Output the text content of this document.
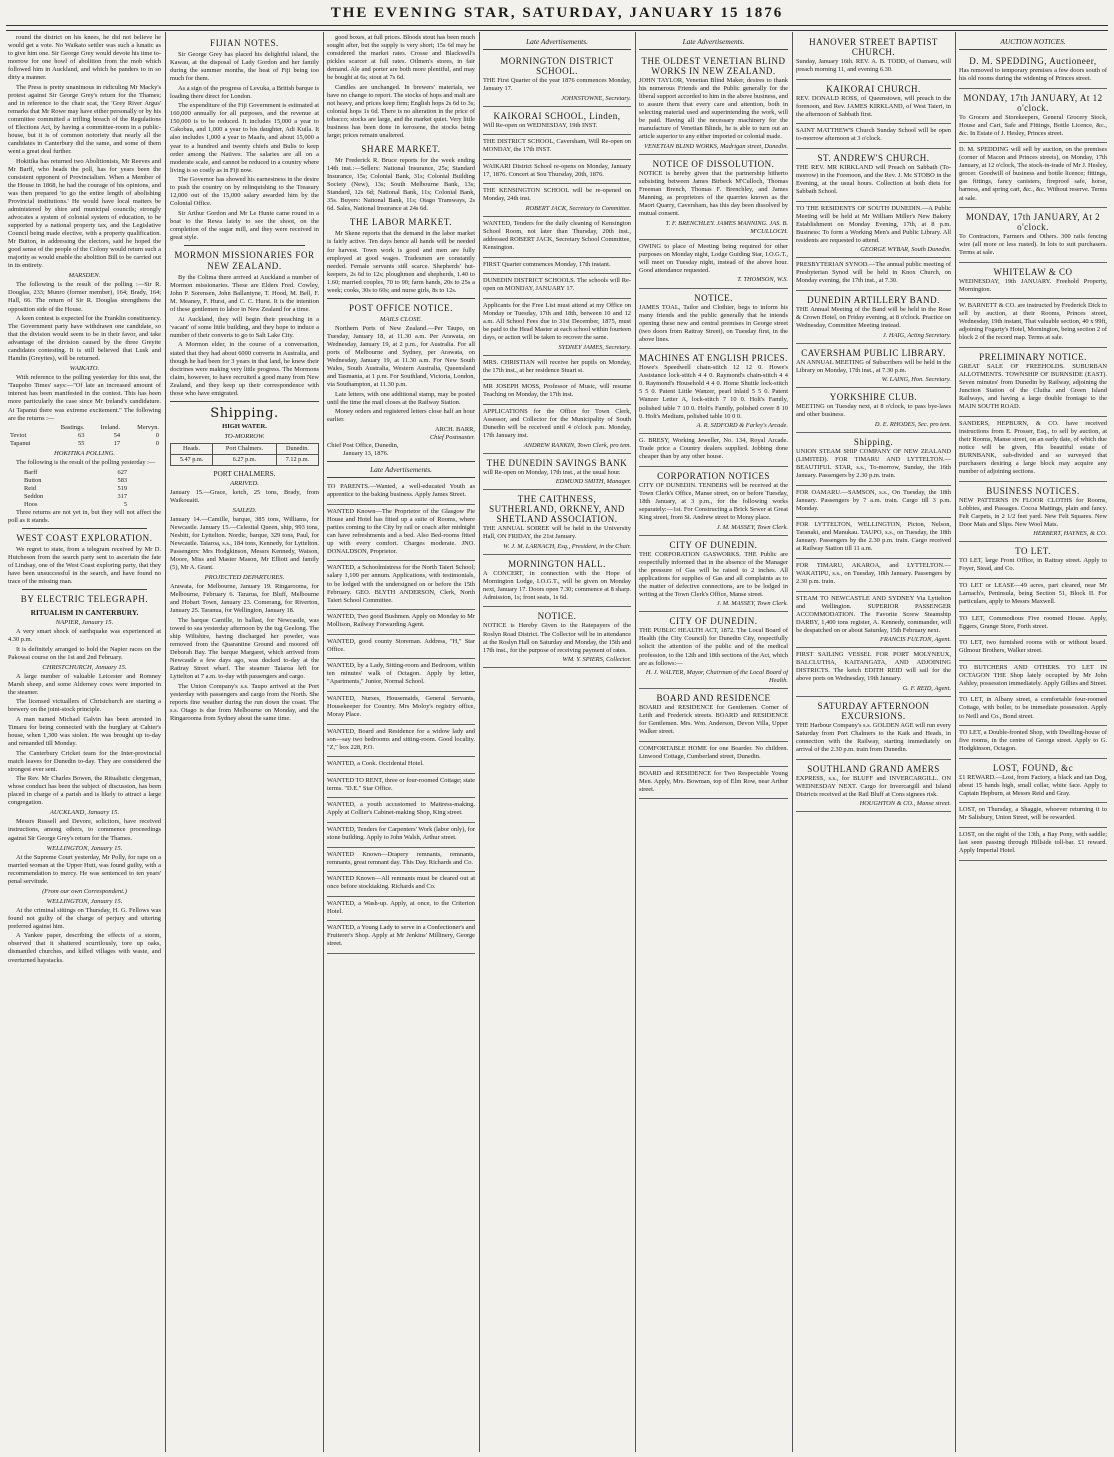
THE EVENING STAR, SATURDAY, JANUARY 15 1876

round the district on his knees, he did not believe he would get a vote. No Waikato settler was such a lunatic as to give him one. Sir George Grey would devote his time to-morrow for one howl of abolition from the mob which followed him in Auckland, and which he panders to in so dirty a manner.

The Press is pretty unanimous in ridiculing Mr Macky's protest against Sir George Grey's return for the Thames; and in reference to the chair scat, the 'Grey River Argus' remarks that Mr Rowe may have either personally or by his committee committed a trifling breach of the Regulations of Elections Act, by having a committee-room in a public-house, but it is of common notoriety that nearly all the candidates in Canterbury did the same, and some of them went a great deal further.

Hokitika has returned two Abolitionists, Mr Reeves and Mr Barff, who heads the poll, has for years been the consistent opponent of Provincialism. When a Member of the House in 1868, he had the courage of his opinions, and was then prepared 'to go the entire length of abolishing Provincial institutions.' He would have local matters be administered by shire and municipal councils; strongly advocates a system of colonial system of education, to be supported by a national property tax, and the Legislative Council being made elective, with a property qualification. Mr Button, in addressing the electors, said he hoped the good sense of the people of the Colony would return such a majority as would enable the abolition Bill to be carried out in its entirety.

MARSDEN.

The following is the result of the polling :—Sir R. Douglas, 233; Munro (former member), 164; Brady, 164; Hall, 66. The return of Sir R. Douglas strengthens the opposition side of the House.

A keen contest is expected for the Franklin constituency. The Government party have withdrawn one candidate, so that the division would seem to be in their favor, and take advantage of the division caused by the three Greyite candidates contesting. It is still believed that Lusk and Hamlin (Greyites), will be returned.

WAIKATO.

With reference to the polling yesterday for this seat, the 'Taupoho Times' says:—"Of late an increased amount of interest has been manifested in the contest. This has been more particularly the case since Mr Ireland's candidature. At Tapanui there was extreme excitement." The following are the returns :—

	Bastings.	Ireland.	Mervyn.
Teviot	63	54	0
Tapanui	55	17	0
HOKITIKA POLLING.

The following is the result of the polling yesterday :—

Barff	627
Button	583
Reid	519
Seddon	317
Hoos	5

Three returns are not yet in, but they will not affect the poll as it stands.

WEST COAST EXPLORATION.

We regret to state, from a telegram received by Mr D. Hutcheson from the search party sent to ascertain the fate of Lindsay, one of the West Coast exploring party, that they have been unsuccessful in the search, and have found no trace of the missing man.

BY ELECTRIC TELEGRAPH.
RITUALISM IN CANTERBURY.
NAPIER, January 15.

A very smart shock of earthquake was experienced at 4.30 p.m.

It is definitely arranged to hold the Napier races on the Pakowai course on the 1st and 2nd February.

CHRISTCHURCH, January 15.

A large number of valuable Leicester and Romney Marsh sheep, and some Alderney cows were imported in the steamer.

The licensed victuallers of Christchurch are starting a brewery on the joint-stock principle.

A man named Michael Galvin has been arrested in Timaru for being connected with the burglary at Cahier's house, when 1,300 was stolen. He was brought up to-day and remanded till Monday.

The Canterbury Cricket team for the Inter-provincial match leaves for Dunedin to-day. They are considered the strongest ever sent.

The Rev. Mr Charles Bowen, the Ritualistic clergyman, whose conduct has been the subject of discussion, has been placed in charge of a parish and is likely to attract a large congregation.

AUCKLAND, January 15.

Messrs Russell and Devore, solicitors, have received instructions, among others, to commence proceedings against Sir George Grey's return for the Thames.

WELLINGTON, January 15.

At the Supreme Court yesterday, Mr Polly, for rape on a married woman at the Upper Hutt, was found guilty, with a recommendation to mercy. He was sentenced to ten years' penal servitude.

(From our own Correspondent.)
WELLINGTON, January 15.

At the criminal sittings on Thursday, H. G. Fellows was found not guilty of the charge of perjury and uttering preferred against him.

A Yankee paper, describing the effects of a storm, observed that it shattered scurrilously, tore up oaks, dismantled churches, and killed villages with waste, and overturned haystacks.

FIJIAN NOTES.

Sir George Grey has placed his delightful island, the Kawau, at the disposal of Lady Gordon and her family during the summer months, the heat of Fiji being too much for them.

As a sign of the progress of Levuka, a British barque is loading there direct for London.

The expenditure of the Fiji Government is estimated at 160,000 annually for all purposes, and the revenue at 150,000 is to be reduced. It includes 15,000 a year to Cakobau, and 1,000 a year to his daughter, Adi Kuila. It also includes 1,000 a year to Maafu, and about 15,000 a year to a hundred and twenty chiefs and Bulis to keep order among the Natives. The salaries are all on a moderate scale, and cannot be reduced in a country where living is so costly as in Fiji now.

The Governor has showed his earnestness in the desire to push the country on by relinquishing to the Treasury 12,000 out of the 15,000 salary awarded him by the Colonial Office.

Sir Arthur Gordon and Mr Le Hunte came round in a boat to the Rewa lately to see the shoot, on the completion of the sugar mill, and they were received in great style.

MORMON MISSIONARIES FOR NEW ZEALAND.

By the Colima there arrived at Auckland a number of Mormon missionaries. These are Elders Fred. Cowley, John P. Sorensen, John Ballantyne, T. Hood, M. Bell, F. M. Meaney, F. Hurst, and C. C. Hurst. It is the intention of these gentlemen to labor in New Zealand for a time.

At Auckland, they will begin their preaching in a 'vacant' of some little building, and they hope to induce a number of their converts to go to Salt Lake City.

A Mormon elder, in the course of a conversation, stated that they had about 6000 converts in Australia, and though he had been for 3 years in that land, he knew their doctrines were making very little progress. The Mormons claim, however, to have recruited a good many from New Zealand, and they keep up their correspondence with those who have emigrated.

Shipping.
HIGH WATER.
TO-MORROW.
Heads.	Port Chalmers.	Dunedin.
5.47 p.m.	6.27 p.m.	7.12 p.m.
PORT CHALMERS.
ARRIVED.

January 15.—Grace, ketch, 25 tons, Brady, from Waikouaiti.

SAILED.

January 14.—Camille, barque, 385 tons, Williams, for Newcastle. January 15.—Celestial Queen, ship, 993 tons, Nesbitt, for Lyttelton. Nordic, barque, 329 tons, Paul, for Newcastle. Taiaroa, s.s., 184 tons, Kennedy, for Lyttelton. Passengers: Mrs Hodgkinson, Messrs Kennedy, Watson, Moore, Miss and Master Mason, Mr Elliott and family (5), Mr A. Grant.

PROJECTED DEPARTURES.

Arawata, for Melbourne, January 19. Ringarooma, for Melbourne, February 6. Tararua, for Bluff, Melbourne and Hobart Town, January 23. Comerang, for Riverton, January 25. Taranua, for Wellington, January 18.

The barque Camille, in ballast, for Newcastle, was towed to sea yesterday afternoon by the tug Geelong. The ship Wiltshire, having discharged her powder, was removed from the Quarantine Ground and moored off Deborah Bay. The barque Margaret, which arrived from Newcastle a few days ago, was docked to-day at the Rattray Street wharf. The steamer Taiaroa left for Lyttelton at 7 a.m. to-day with passengers and cargo.

The Union Company's s.s. Taupo arrived at the Port yesterday with passengers and cargo from the North. She reports fine weather during the run down the coast. The s.s. Otago is due from Melbourne on Monday, and the Ringarooma from Sydney about the same time.

good boxes, at full prices. Bloods stout has been much sought after, but the supply is very short; 15s 6d may be considered the market rates. Crosse and Blackwell's pickles scarcer at full rates. Oilmen's stores, in fair demand. Ale and porter are both more plentiful, and may be bought at 6s; stout at 7s 6d.

Candles are unchanged. In brewers' materials, we have no change to report. The stocks of hops and malt are not heavy, and prices keep firm; English hops 2s 6d to 3s; colonial hops 1s 6d. There is no alteration in the price of tobacco; stocks are large, and the market quiet. Very little business has been done in kerosene, the stocks being large; prices remain unaltered.

SHARE MARKET.

Mr Frederick R. Bruce reports for the week ending 14th inst.:—Sellers: National Insurance, 25s; Standard Insurance, 15s; Colonial Bank, 31s; Colonial Building Society (New), 13s; South Melbourne Bank, 13s; Standard, 12s 6d; National Bank, 11s; Colonial Bank, 35s. Buyers: National Bank, 11s; Otago Tramways, 2s 6d. Sales, National Insurance at 24s 6d.

THE LABOR MARKET.

Mr Skene reports that the demand in the labor market is fairly active. Ten days hence all hands will be needed for harvest. Town work is good and men are fully employed at good wages. Tradesmen are constantly needed. Female servants still scarce. Shepherds' hut-keepers, 2s 6d to 12s; ploughmen and shepherds, 1.40 to 1.60; married couples, 70 to 90; farm hands, 20s to 25s a week; cooks, 30s to 60s; and nurse girls, 8s to 12s.

POST OFFICE NOTICE.
MAILS CLOSE.

Northern Ports of New Zealand.—Per Taupo, on Tuesday, January 18, at 11.30 a.m. Per Arawata, on Wednesday, January 19, at 2 p.m., for Australia. For all ports of Melbourne and Sydney, per Arawata, on Wednesday, January 19, at 11.30 a.m. For New South Wales, South Australia, Western Australia, Queensland and Tasmania, at 1 p.m. For Southland, Victoria, London, via Southampton, at 11.30 p.m.

Late letters, with one additional stamp, may be posted until the time the mail closes at the Railway Station.

Money orders and registered letters close half an hour earlier.

ARCH. BARR,
Chief Postmaster.
Chief Post Office, Dunedin,
January 13, 1876.
Late Advertisements.

TO PARENTS.—Wanted, a well-educated Youth as apprentice to the baking business. Apply James Street.

WANTED Known—The Proprietor of the Glasgow Pie House and Hotel has fitted up a suite of Rooms, where parties coming to the City by rail or coach after midnight can have refreshments and a bed. Also Bed-rooms fitted up with every comfort. Charges moderate. JNO. DONALDSON, Proprietor.

WANTED, a Schoolmistress for the North Taieri School; salary 1,100 per annum. Applications, with testimonials, to be lodged with the undersigned on or before the 15th February. GEO. BLYTH ANDERSON, Clerk, North Taieri School Committee.

WANTED, Two good Bushmen. Apply on Monday to Mr Mollison, Railway Forwarding Agent.

WANTED, good county Storeman. Address, "H," Star Office.

WANTED, by a Lady, Sitting-room and Bedroom, within ten minutes' walk of Octagon. Apply by letter, "Apartments," Junior, Normal School.

WANTED, Nurses, Housemaids, General Servants, Housekeeper for Country. Mrs Moloy's registry office, Moray Place.

WANTED, Board and Residence for a widow lady and son—say two bedrooms and sitting-room. Good locality. "Z," box 228, P.O.

WANTED, a Cook. Occidental Hotel.

WANTED TO RENT, three or four-roomed Cottage; state terms. "D.E." Star Office.

WANTED, a youth accustomed to Mattress-making. Apply at Collier's Cabinet-making Shop, King street.

WANTED, Tenders for Carpenters' Work (labor only), for stone building. Apply to John Walsh, Arthur street.

WANTED Known—Drapery remnants, remnants, remnants, great remnant day. This Day. Richards and Co.

WANTED Known—All remnants must be cleared out at once before stocktaking. Richards and Co.

WANTED, a Wash-up. Apply, at once, to the Criterion Hotel.

WANTED, a Young Lady to serve in a Confectioner's and Fruiterer's Shop. Apply at Mr Jenkins' Millinery, George street.

Late Advertisements.
MORNINGTON DISTRICT SCHOOL.

THE First Quarter of the year 1876 commences Monday, January 17.

JOHNSTOWNE, Secretary.
KAIKORAI SCHOOL, Linden,

Will Re-open on WEDNESDAY, 19th INST.

THE DISTRICT SCHOOL, Caversham, Will Re-open on MONDAY, the 17th INST.

WAIKARI District School re-opens on Monday, January 17, 1876. Concert at Sou Thursday, 20th, 1876.

THE KENSINGTON SCHOOL will be re-opened on Monday, 24th inst.

ROBERT JACK, Secretary to Committee.

WANTED, Tenders for the daily cleaning of Kensington School Room, not later than Thursday, 20th inst., addressed ROBERT JACK, Secretary School Committee, Kensington.

FIRST Quarter commences Monday, 17th instant.

DUNEDIN DISTRICT SCHOOLS. The schools will Re-open on MONDAY, JANUARY 17.

Applicants for the Free List must attend at my Office on Monday or Tuesday, 17th and 18th, between 10 and 12 a.m. All School Fees due to 31st December, 1875, must be paid to the Head Master at each school within fourteen days, or action will be taken to recover the same.

SYDNEY JAMES, Secretary.

MRS. CHRISTIAN will receive her pupils on Monday, the 17th inst., at her residence Stuart st.

MR JOSEPH MOSS, Professor of Music, will resume Teaching on Monday, the 17th inst.

APPLICATIONS for the Office for Town Clerk, Assessor, and Collector for the Municipality of South Dunedin will be received until 4 o'clock p.m. Monday, 17th January inst.

ANDREW RANKIN, Town Clerk, pro tem.
THE DUNEDIN SAVINGS BANK

will Re-open on Monday, 17th inst., at the usual hour.

EDMUND SMITH, Manager.
THE CAITHNESS, SUTHERLAND, ORKNEY, AND SHETLAND ASSOCIATION.

THE ANNUAL SOIREE will be held in the University Hall, ON FRIDAY, the 21st January.

W. J. M. LARNACH, Esq., President, in the Chair.
MORNINGTON HALL.

A CONCERT, in connection with the Hope of Mornington Lodge, I.O.G.T., will be given on Monday next, January 17. Doors open 7.30; commence at 8 sharp. Admission, 1s; front seats, 1s 6d.

NOTICE.

NOTICE is Hereby Given to the Ratepayers of the Roslyn Road District. The Collector will be in attendance at the Roslyn Hall on Saturday and Monday, the 15th and 17th inst., for the purpose of receiving payment of rates.

WM. Y. SPIERS, Collector.
Late Advertisements.
THE OLDEST VENETIAN BLIND WORKS IN NEW ZEALAND.

JOHN TAYLOR, Venetian Blind Maker, desires to thank his numerous Friends and the Public generally for the liberal support accorded to him in the above business, and to assure them that every care and attention, both in selecting material used and superintending the work, will be paid. Having all the necessary machinery for the manufacture of Venetian Blinds, he is able to turn out an article superior to any either imported or colonial made.

VENETIAN BLIND WORKS, Madrigan street, Dunedin.
NOTICE OF DISSOLUTION.

NOTICE is hereby given that the partnership hitherto subsisting between James Birbeck M'Culloch, Thomas Freeman Brench, Thomas F. Brenchley, and James Manning, as proprietors of the quarries known as the Maori Quarry, Caversham, has this day been dissolved by mutual consent.

T. F. BRENCHLEY. JAMES MANNING. JAS. B. M'CULLOCH.

OWING to place of Meeting being required for other purposes on Monday night, Lodge Guiding Star, I.O.G.T., will meet on Tuesday night, instead of the above hour. Good attendance requested.

T. THOMSON, W.S.
NOTICE.

JAMES TOAL, Tailor and Clothier, begs to inform his many friends and the public generally that he intends opening these new and central premises in George street (two doors from Rattray Street), on Tuesday first, in the above lines.

MACHINES AT ENGLISH PRICES.

Howe's Speedwell chain-stitch 12 12 0. Howe's Assistance lock-stitch 4 4 0. Raymond's chain-stitch 4 4 0. Raymond's Household 4 4 0. Home Shuttle lock-stitch 5 5 0. Patent Little Wanzer, pearl inlaid 5 5 0. Patent Wanzer Letter A, lock-stitch 7 10 0. Holt's Family, polished table 7 10 0. Holt's Family, polished cover 8 10 0. Holt's Medium, polished table 10 0 0.

A. R. SIDFORD & Farley's Arcade.

G. BRESY, Working Jeweller, No. 134, Royal Arcade. Trade price a Country dealers supplied. Jobbing done cheaper than by any other house.

CORPORATION NOTICES

CITY OF DUNEDIN. TENDERS will be received at the Town Clerk's Office, Manse street, on or before Tuesday, 18th January, at 3 p.m., for the following works separately:—1st. For Constructing a Brick Sewer at Great King street, from St. Andrew street to Moray place.

J. M. MASSEY, Town Clerk.
CITY OF DUNEDIN.

THE CORPORATION GASWORKS. THE Public are respectfully informed that in the absence of the Manager the pressure of Gas will be raised to 2 inches. All applications for supplies of Gas and all complaints as to the matter of defective connections, are to be lodged in writing at the Town Clerk's Office, Manse street.

J. M. MASSEY, Town Clerk.
CITY OF DUNEDIN.

THE PUBLIC HEALTH ACT, 1872. The Local Board of Health (the City Council) for Dunedin City, respectfully solicit the attention of the public and of the medical profession, to the 12th and 18th sections of the Act, which are as follows:—

H. J. WALTER, Mayor, Chairman of the Local Board of Health.
BOARD AND RESIDENCE

BOARD and RESIDENCE for Gentlemen. Corner of Leith and Frederick streets. BOARD and RESIDENCE for Gentlemen. Mrs. Wm. Anderson, Devon Villa, Upper Walker street.

COMFORTABLE HOME for one Boarder. No children. Linwood Cottage, Cumberland street, Dunedin.

BOARD and RESIDENCE for Two Respectable Young Men. Apply, Mrs. Bowman, top of Elm Row, near Arthur street.

HANOVER STREET BAPTIST CHURCH.

Sunday, January 16th. REV. A. B. TODD, of Oamaru, will preach morning 11, and evening 6.30.

KAIKORAI CHURCH.

REV. DONALD ROSS, of Queenstown, will preach in the forenoon, and Rev. JAMES KIRKLAND, of West Taieri, in the afternoon of Sabbath first.

SAINT MATTHEW'S Church Sunday School will be open to-morrow afternoon at 3 o'clock.

ST. ANDREW'S CHURCH.

THE REV. MR KIRKLAND will Preach on Sabbath (To-morrow) in the Forenoon, and the Rev. J. Mc STOBO in the Evening, at the usual hours. Collection at both diets for Sabbath School.

TO THE RESIDENTS OF SOUTH DUNEDIN.—A Public Meeting will be held at Mr William Miller's New Bakery Establishment on Monday Evening, 17th, at 8 p.m. Business: To form a Working Men's and Public Library. All residents are requested to attend.

GEORGE WYBAR, South Dunedin.

PRESBYTERIAN SYNOD.—The annual public meeting of Presbyterian Synod will be held in Knox Church, on Monday evening, the 17th inst., at 7.30.

DUNEDIN ARTILLERY BAND.

THE Annual Meeting of the Band will be held in the Rose & Crown Hotel, on Friday evening, at 8 o'clock. Practice on Wednesday, Committee Meeting instead.

J. HAIG, Acting Secretary.
CAVERSHAM PUBLIC LIBRARY.

AN ANNUAL MEETING of Subscribers will be held in the Library on Monday, 17th inst., at 7.30 p.m.

W. LAING, Hon. Secretary.
YORKSHIRE CLUB.

MEETING on Tuesday next, at 8 o'clock, to pass bye-laws and other business.

D. E. RHODES, Sec. pro tem.
Shipping.

UNION STEAM SHIP COMPANY OF NEW ZEALAND (LIMITED). FOR TIMARU AND LYTTELTON.—BEAUTIFUL STAR, s.s., To-morrow, Sunday, the 16th January. Passengers by 2.30 p.m. train.

FOR OAMARU.—SAMSON, s.s., On Tuesday, the 18th January. Passengers by 7 a.m. train. Cargo till 3 p.m. Monday.

FOR LYTTELTON, WELLINGTON, Picton, Nelson, Taranaki, and Manukau. TAUPO, s.s., on Tuesday, the 18th January. Passengers by the 2.30 p.m. train. Cargo received at Railway Station till 11 a.m.

FOR TIMARU, AKAROA, and LYTTELTON.—WAKATIPU, s.s., on Tuesday, 18th January. Passengers by 2.30 p.m. train.

STEAM TO NEWCASTLE AND SYDNEY Via Lyttelton and Wellington. SUPERIOR PASSENGER ACCOMMODATION. The Favorite Screw Steamship DARBY, 1,400 tons register, A. Kennedy, commander, will be despatched on or about Saturday, 15th February next.

FRANCIS FULTON, Agent.

FIRST SAILING VESSEL FOR PORT MOLYNEUX, BALCLUTHA, KAITANGATA, AND ADJOINING DISTRICTS. The ketch EDITH REID will sail for the above ports on Wednesday, 19th January.

G. F. REID, Agent.
SATURDAY AFTERNOON EXCURSIONS.

THE Harbour Company's s.s. GOLDEN AGE will run every Saturday from Port Chalmers to the Kaik and Heads, in connection with the Railway, starting immediately on arrival of the 2.30 p.m. train from Dunedin.

SOUTHLAND GRAND AMERS

EXPRESS, s.s., for BLUFF and INVERCARGILL. ON WEDNESDAY NEXT. Cargo for Invercargill and Island Districts received at the Rail Bluff at Cons signees risk.

HOUGHTON & CO., Manse street.
AUCTION NOTICES.
D. M. SPEDDING, Auctioneer,

Has removed to temporary premises a few doors south of his old rooms during the widening of Princes street.

MONDAY, 17th JANUARY, At 12 o'clock.

To Grocers and Storekeepers, General Grocery Stock, House and Cart, Safe and Fittings, Bottle Licence, &c., &c. In Estate of J. Hesley, Princes street.

D. M. SPEDDING will sell by auction, on the premises (corner of Macon and Princes streets), on Monday, 17th January, at 12 o'clock, The stock-in-trade of Mr J. Hesley, grocer. Goodwill of business and bottle licence; fittings, gas fittings, fancy canisters, fireproof safe, horse, harness, and spring cart, &c., &c. Without reserve. Terms at sale.

MONDAY, 17th JANUARY, At 2 o'clock.

To Contractors, Farmers and Others. 300 rails fencing wire (all more or less rusted). In lots to suit purchasers. Terms at sale.

WHITELAW & CO

WEDNESDAY, 19th JANUARY. Freehold Property, Mornington.

W. BARNETT & CO. are instructed by Frederick Dick to sell by auction, at their Rooms, Princes street, Wednesday, 19th instant, That valuable section, 40 x 99ft, adjoining Fogarty's Hotel, Mornington, being section 2 of block 2 of the record map. Terms at sale.

PRELIMINARY NOTICE.

GREAT SALE OF FREEHOLDS. SUBURBAN ALLOTMENTS. TOWNSHIP OF BURNSIDE (EAST). Seven minutes' from Dunedin by Railway, adjoining the Junction Station of the Clutha and Green Island Railways, and having a large double frontage to the MAIN SOUTH ROAD.

SANDERS, HEPBURN, & CO. have received instructions from E. Prosser, Esq., to sell by auction, at their Rooms, Manse street, on an early date, of which due notice will be given, His beautiful estate of BURNBANK, sub-divided and so surveyed that purchasers desiring a large block may acquire any number of adjoining sections.

BUSINESS NOTICES.

NEW PATTERNS IN FLOOR CLOTHS for Rooms, Lobbies, and Passages. Cocoa Mattings, plain and fancy. Felt Carpets, in 2 1/2 feet yard. New Felt Squares. New Door Mats and Slips. New Wool Mats.

HERBERT, HAYNES, & CO.
TO LET.

TO LET, large Front Office, in Rattray street. Apply to Foyer, Stead, and Co.

TO LET or LEASE—49 acres, part cleared, near Mr Larnach's, Peninsula, being Section 51, Block II. For particulars, apply to Messrs Maxwell.

TO LET, Commodious Five roomed House. Apply, Eggers, Grange Store, Forth street.

TO LET, two furnished rooms with or without board. Gilmour Brothers, Walker street.

TO BUTCHERS AND OTHERS. TO LET IN OCTAGON THE Shop lately occupied by Mr John Ashley, possession immediately. Apply Gillies and Street.

TO LET, in Albany street, a comfortable four-roomed Cottage, with boiler, to be immediate possession. Apply to Neill and Co., Bond street.

TO LET, a Double-fronted Shop, with Dwelling-house of five rooms, in the centre of George street. Apply to G. Hodgkinson, Octagon.

LOST, FOUND, &c

£1 REWARD.—Lost, from Factory, a black and tan Dog, about 15 hands high, small collar, white face. Apply to Captain Hepburn, at Messrs Reid and Gray.

LOST, on Thursday, a Shaggie, whoever returning it to Mr Salisbury, Union Street, will be rewarded.

LOST, on the night of the 13th, a Bay Pony, with saddle; last seen passing through Hillside toll-bar. £1 reward. Apply Imperial Hotel.
